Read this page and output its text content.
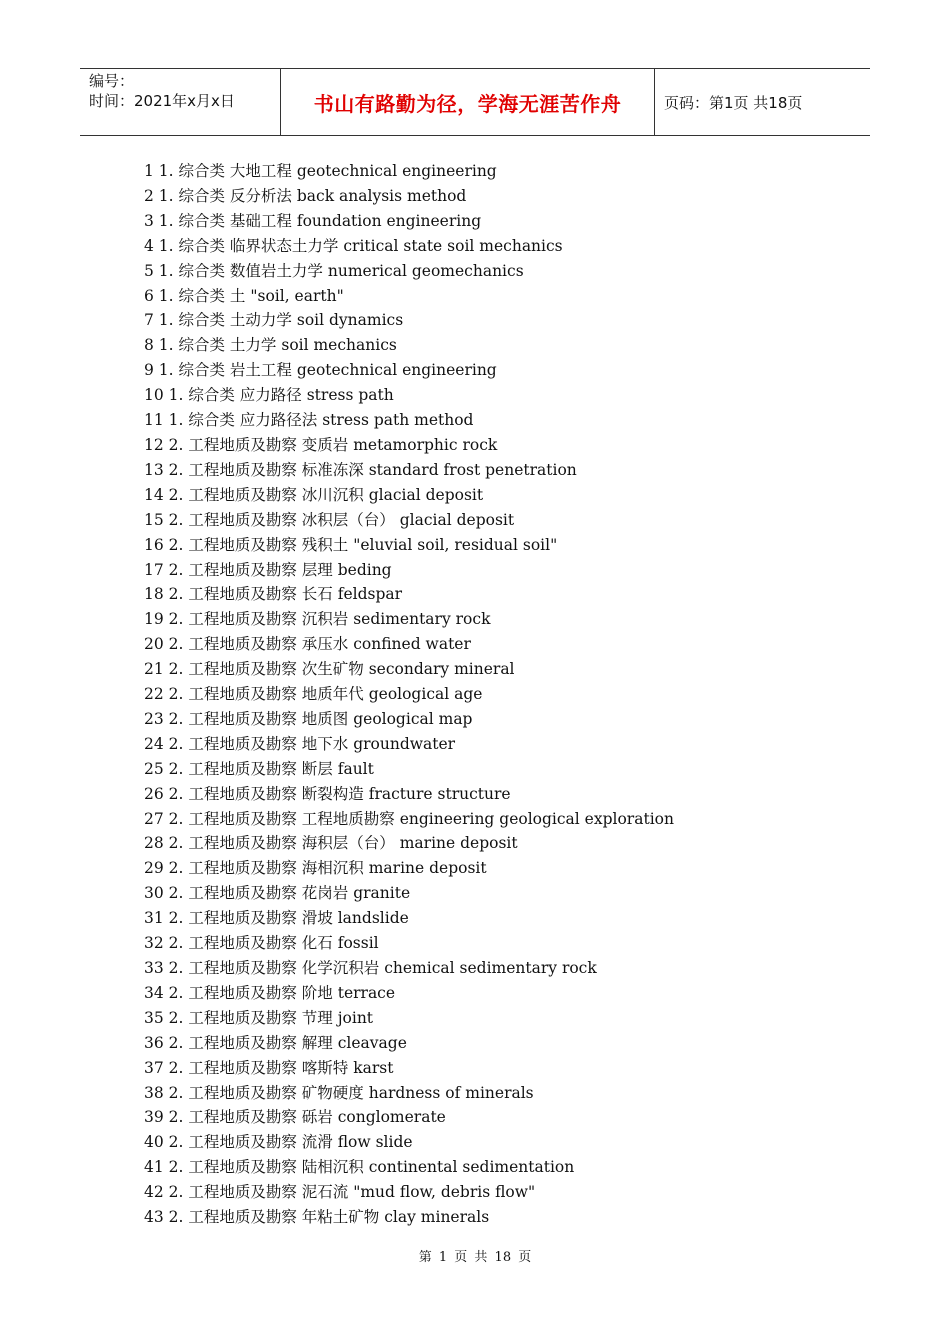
编号：
时间：2021年x月x日	书山有路勤为径，学海无涯苦作舟	页码：第1页 共18页
1 1. 综合类 大地工程 geotechnical engineering
2 1. 综合类 反分析法 back analysis method
3 1. 综合类 基础工程 foundation engineering
4 1. 综合类 临界状态土力学 critical state soil mechanics
5 1. 综合类 数值岩土力学 numerical geomechanics
6 1. 综合类 土 "soil, earth"
7 1. 综合类 土动力学 soil dynamics
8 1. 综合类 土力学 soil mechanics
9 1. 综合类 岩土工程 geotechnical engineering
10 1. 综合类 应力路径 stress path
11 1. 综合类 应力路径法 stress path method
12 2. 工程地质及勘察 变质岩 metamorphic rock
13 2. 工程地质及勘察 标准冻深 standard frost penetration
14 2. 工程地质及勘察 冰川沉积 glacial deposit
15 2. 工程地质及勘察 冰积层（台） glacial deposit
16 2. 工程地质及勘察 残积土 "eluvial soil, residual soil"
17 2. 工程地质及勘察 层理 beding
18 2. 工程地质及勘察 长石 feldspar
19 2. 工程地质及勘察 沉积岩 sedimentary rock
20 2. 工程地质及勘察 承压水 confined water
21 2. 工程地质及勘察 次生矿物 secondary mineral
22 2. 工程地质及勘察 地质年代 geological age
23 2. 工程地质及勘察 地质图 geological map
24 2. 工程地质及勘察 地下水 groundwater
25 2. 工程地质及勘察 断层 fault
26 2. 工程地质及勘察 断裂构造 fracture structure
27 2. 工程地质及勘察 工程地质勘察 engineering geological exploration
28 2. 工程地质及勘察 海积层（台） marine deposit
29 2. 工程地质及勘察 海相沉积 marine deposit
30 2. 工程地质及勘察 花岗岩 granite
31 2. 工程地质及勘察 滑坡 landslide
32 2. 工程地质及勘察 化石 fossil
33 2. 工程地质及勘察 化学沉积岩 chemical sedimentary rock
34 2. 工程地质及勘察 阶地 terrace
35 2. 工程地质及勘察 节理 joint
36 2. 工程地质及勘察 解理 cleavage
37 2. 工程地质及勘察 喀斯特 karst
38 2. 工程地质及勘察 矿物硬度 hardness of minerals
39 2. 工程地质及勘察 砾岩 conglomerate
40 2. 工程地质及勘察 流滑 flow slide
41 2. 工程地质及勘察 陆相沉积 continental sedimentation
42 2. 工程地质及勘察 泥石流 "mud flow, debris flow"
43 2. 工程地质及勘察 年粘土矿物 clay minerals
第 1 页 共 18 页
